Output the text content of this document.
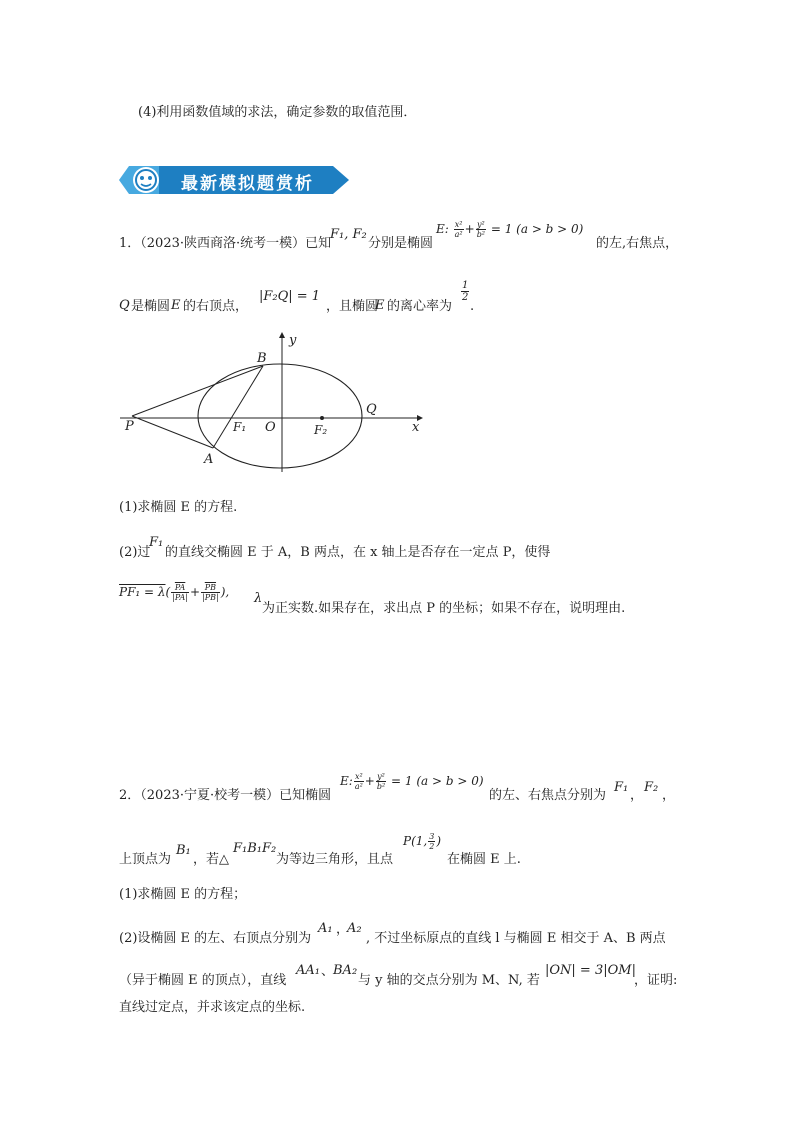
(4)利用函数值域的求法，确定参数的取值范围．
最新模拟题赏析
1．（2023·陕西商洛·统考一模）已知
F₁, F₂
分别是椭圆
E: $\frac{\text{x²}}{\text{a²}} + \frac{\text{y²}}{\text{b²}} = 1$ (a > b > 0)
的左,右焦点，
Q 是椭圆 E 的右顶点，
|F₂Q| = 1
，且椭圆
E 的离心率为
$\frac{1}{2}$
.
y
x
B
A
P	F₁ O	F₂
Q
(1)求椭圆 E 的方程.
(2)过
F₁
的直线交椭圆 E 于 A，B 两点，在 x 轴上是否存在一定点 P，使得
$PF_1 = \lambda( \frac{\overline{PA}}{|PA|} + \frac{\overline{PB}}{|PB|}$ ), λ
为正实数.如果存在，求出点 P 的坐标；如果不存在，说明理由.
2．（2023·宁夏·校考一模）已知椭圆
E: $\frac{\text{x²}}{\text{a²}} + \frac{\text{y²}}{\text{b²}} = 1$ (a > b > 0)
的左、右焦点分别为
F₁
，
F₂
，
上顶点为
B₁
，若△
F₁B₁F₂
为等边三角形，且点
P(1, $\frac{3}{2}$ )
在椭圆 E 上.
(1)求椭圆 E 的方程；
(2)设椭圆 E 的左、右顶点分别为
A₁ ，
A₂
, 不过坐标原点的直线 l 与椭圆 E 相交于 A、B 两点
（异于椭圆 E 的顶点），直线
AA₁ 、
BA₂
与 y 轴的交点分别为 M、N, 若
|ON| = 3|OM|
，证明:
直线过定点，并求该定点的坐标.
